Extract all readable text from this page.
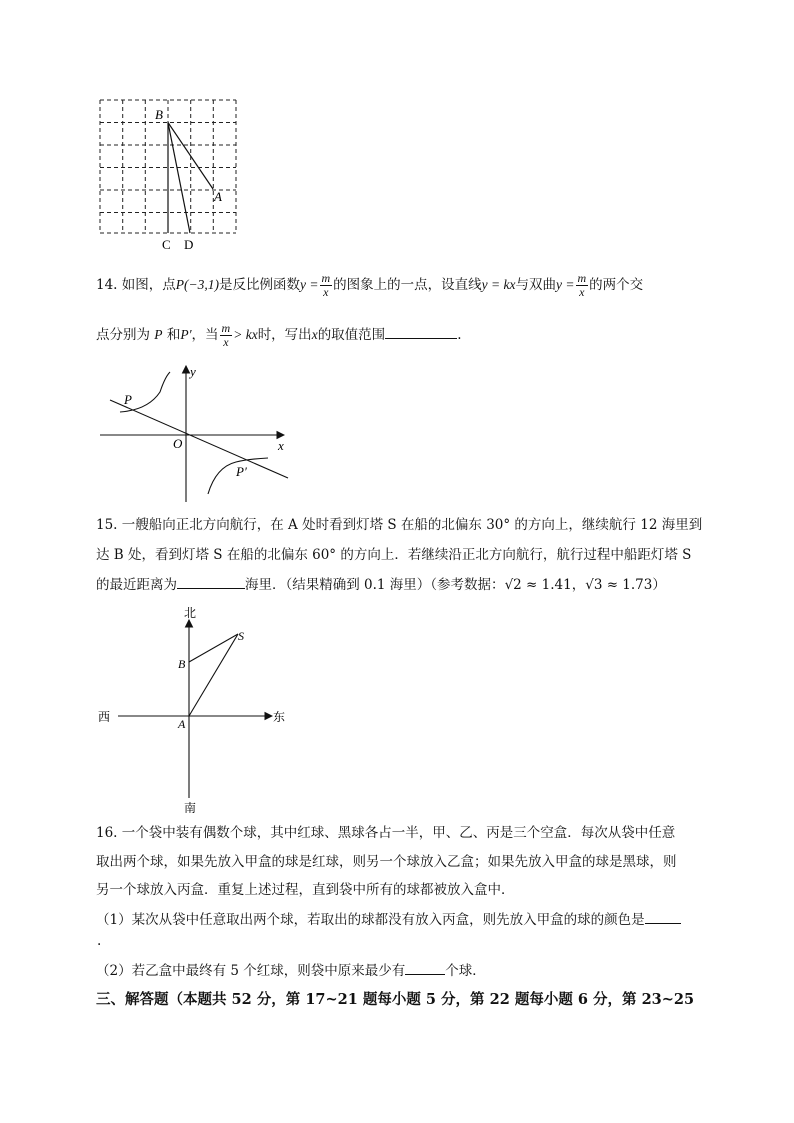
B
A
C D
14. 如图，点P(−3,1)是反比例函数$y = \frac{m}{x}$ 的图象上的一点，设直线y = kx与双曲$y = \frac{m}{x}$ 的两个交
点分别为 P 和P′，当 $\frac{m}{x}$ > kx时，写出x的取值范围	.
y
x
O
P
P′
15. 一艘船向正北方向航行，在 A 处时看到灯塔 S 在船的北偏东 30° 的方向上，继续航行 12 海里到
达 B 处，看到灯塔 S 在船的北偏东 60° 的方向上．若继续沿正北方向航行，航行过程中船距灯塔 S
的最近距离为	海里．（结果精确到 0.1 海里）（参考数据：√2 ≈ 1.41，√3 ≈ 1.73）
北
南
东
西	A
B
S
16. 一个袋中装有偶数个球，其中红球、黑球各占一半，甲、乙、丙是三个空盒．每次从袋中任意
取出两个球，如果先放入甲盒的球是红球，则另一个球放入乙盒；如果先放入甲盒的球是黑球，则
另一个球放入丙盒．重复上述过程，直到袋中所有的球都被放入盒中．
（1）某次从袋中任意取出两个球，若取出的球都没有放入丙盒，则先放入甲盒的球的颜色是
.
（2）若乙盒中最终有 5 个红球，则袋中原来最少有	个球．
三、解答题（本题共 52 分，第 17~21 题每小题 5 分，第 22 题每小题 6 分，第 23~25
